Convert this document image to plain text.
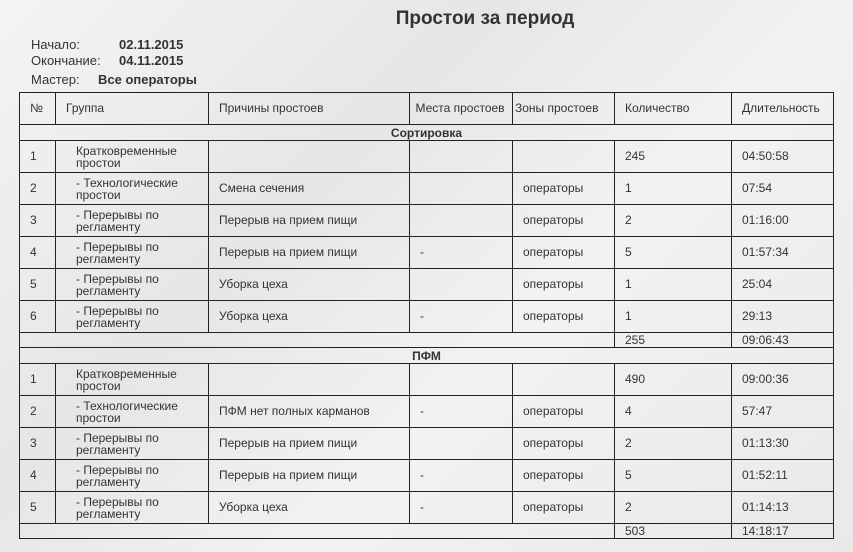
Простои за период
Начало:	02.11.2015
Окончание: 04.11.2015
Мастер: Все операторы
№	Группа	Причины простоев	Места простоев	Зоны простоев	Количество	Длительность
Сортировка						
1	Кратковременные простои				245	04:50:58
2	- Технологические простои	Смена сечения		операторы	1	07:54
3	- Перерывы по регламенту	Перерыв на прием пищи		операторы	2	01:16:00
4	- Перерывы по регламенту	Перерыв на прием пищи	-	операторы	5	01:57:34
5	- Перерывы по регламенту	Уборка цеха		операторы	1	25:04
6	- Перерывы по регламенту	Уборка цеха	-	операторы	1	29:13
					255	09:06:43
ПФМ						
1	Кратковременные простои				490	09:00:36
2	- Технологические простои	ПФМ нет полных карманов	-	операторы	4	57:47
3	- Перерывы по регламенту	Перерыв на прием пищи		операторы	2	01:13:30
4	- Перерывы по регламенту	Перерыв на прием пищи	-	операторы	5	01:52:11
5	- Перерывы по регламенту	Уборка цеха	-	операторы	2	01:14:13
					503	14:18:17
